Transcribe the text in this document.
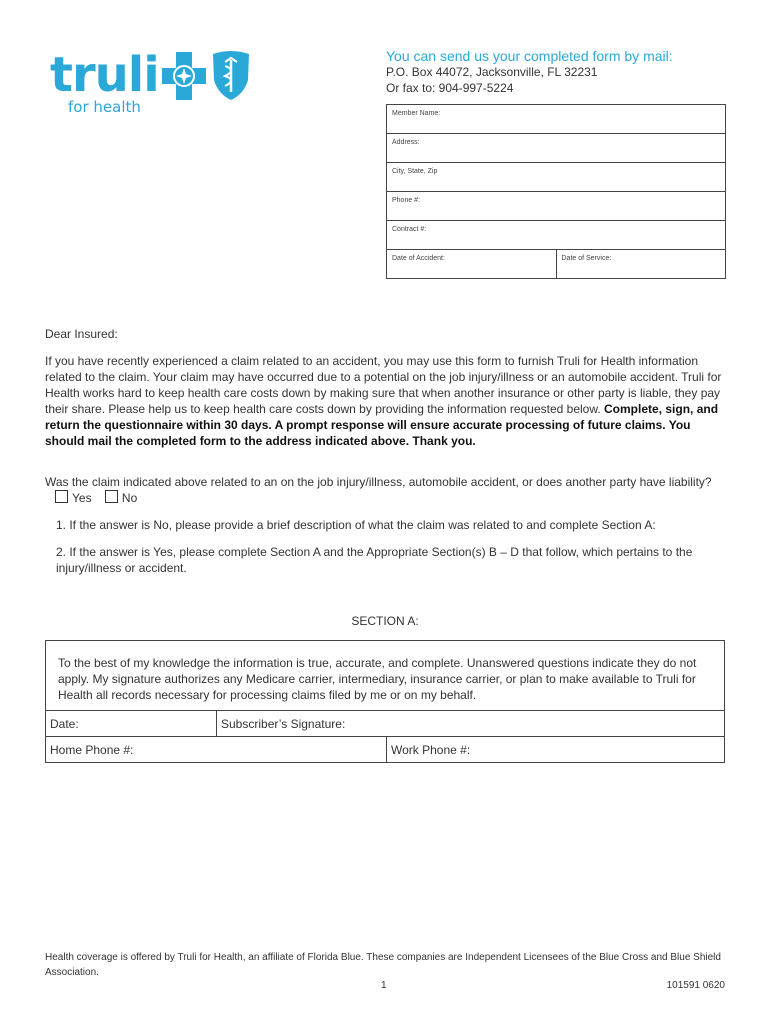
truli
for health
You can send us your completed form by mail:
P.O. Box 44072, Jacksonville, FL 32231
Or fax to: 904-997-5224
Member Name:
Address:
City, State, Zip
Phone #:
Contract #:
Date of Accident:	Date of Service:
Dear Insured:
If you have recently experienced a claim related to an accident, you may use this form to furnish Truli for Health information related to the claim. Your claim may have occurred due to a potential on the job injury/illness or an automobile accident. Truli for Health works hard to keep health care costs down by making sure that when another insurance or other party is liable, they pay their share. Please help us to keep health care costs down by providing the information requested below. Complete, sign, and return the questionnaire within 30 days. A prompt response will ensure accurate processing of future claims. You should mail the completed form to the address indicated above. Thank you.
Was the claim indicated above related to an on the job injury/illness, automobile accident, or does another party have liability? Yes	No
1. If the answer is No, please provide a brief description of what the claim was related to and complete Section A:
2. If the answer is Yes, please complete Section A and the Appropriate Section(s) B – D that follow, which pertains to the injury/illness or accident.
SECTION A:
To the best of my knowledge the information is true, accurate, and complete. Unanswered questions indicate they do not apply. My signature authorizes any Medicare carrier, intermediary, insurance carrier, or plan to make available to Truli for Health all records necessary for processing claims filed by me or on my behalf.
Date:	Subscriber’s Signature:
Home Phone #:	Work Phone #:
Health coverage is offered by Truli for Health, an affiliate of Florida Blue. These companies are Independent Licensees of the Blue Cross and Blue Shield Association.
1	101591 0620
